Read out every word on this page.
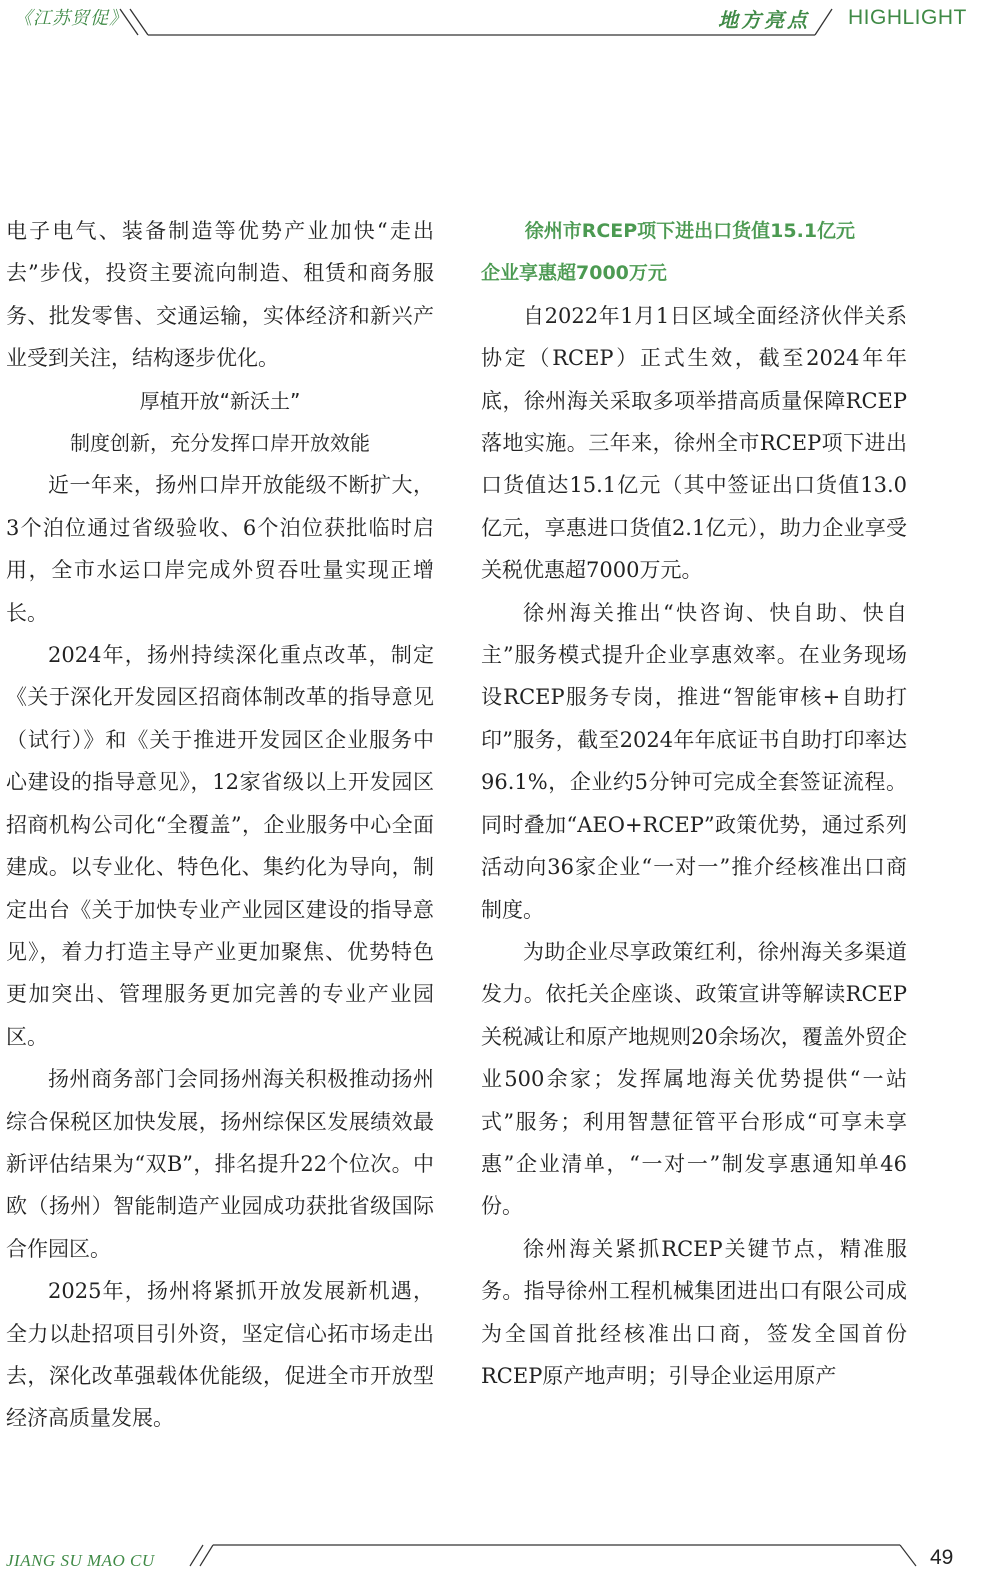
《江苏贸促》	地方亮点 HIGHLIGHT

电子电气、装备制造等优势产业加快“走出去”步伐，投资主要流向制造、租赁和商务服务、批发零售、交通运输，实体经济和新兴产业受到关注，结构逐步优化。

厚植开放“新沃土”

制度创新，充分发挥口岸开放效能

近一年来，扬州口岸开放能级不断扩大，3个泊位通过省级验收、6个泊位获批临时启用，全市水运口岸完成外贸吞吐量实现正增长。

2024年，扬州持续深化重点改革，制定《关于深化开发园区招商体制改革的指导意见（试行）》和《关于推进开发园区企业服务中心建设的指导意见》，12家省级以上开发园区招商机构公司化“全覆盖”，企业服务中心全面建成。以专业化、特色化、集约化为导向，制定出台《关于加快专业产业园区建设的指导意见》，着力打造主导产业更加聚焦、优势特色更加突出、管理服务更加完善的专业产业园区。

扬州商务部门会同扬州海关积极推动扬州综合保税区加快发展，扬州综保区发展绩效最新评估结果为“双B”，排名提升22个位次。中欧（扬州）智能制造产业园成功获批省级国际合作园区。

2025年，扬州将紧抓开放发展新机遇，全力以赴招项目引外资，坚定信心拓市场走出去，深化改革强载体优能级，促进全市开放型经济高质量发展。

徐州市RCEP项下进出口货值15.1亿元

企业享惠超7000万元

自2022年1月1日区域全面经济伙伴关系协定（RCEP）正式生效，截至2024年年底，徐州海关采取多项举措高质量保障RCEP落地实施。三年来，徐州全市RCEP项下进出口货值达15.1亿元（其中签证出口货值13.0亿元，享惠进口货值2.1亿元），助力企业享受关税优惠超7000万元。

徐州海关推出“快咨询、快自助、快自主”服务模式提升企业享惠效率。在业务现场设RCEP服务专岗，推进“智能审核+自助打印”服务，截至2024年年底证书自助打印率达96.1%，企业约5分钟可完成全套签证流程。同时叠加“AEO+RCEP”政策优势，通过系列活动向36家企业“一对一”推介经核准出口商制度。

为助企业尽享政策红利，徐州海关多渠道发力。依托关企座谈、政策宣讲等解读RCEP关税减让和原产地规则20余场次，覆盖外贸企业500余家；发挥属地海关优势提供“一站式”服务；利用智慧征管平台形成“可享未享惠”企业清单，“一对一”制发享惠通知单46份。

徐州海关紧抓RCEP关键节点，精准服务。指导徐州工程机械集团进出口有限公司成为全国首批经核准出口商，签发全国首份RCEP原产地声明；引导企业运用原产

JIANG SU MAO CU	49
